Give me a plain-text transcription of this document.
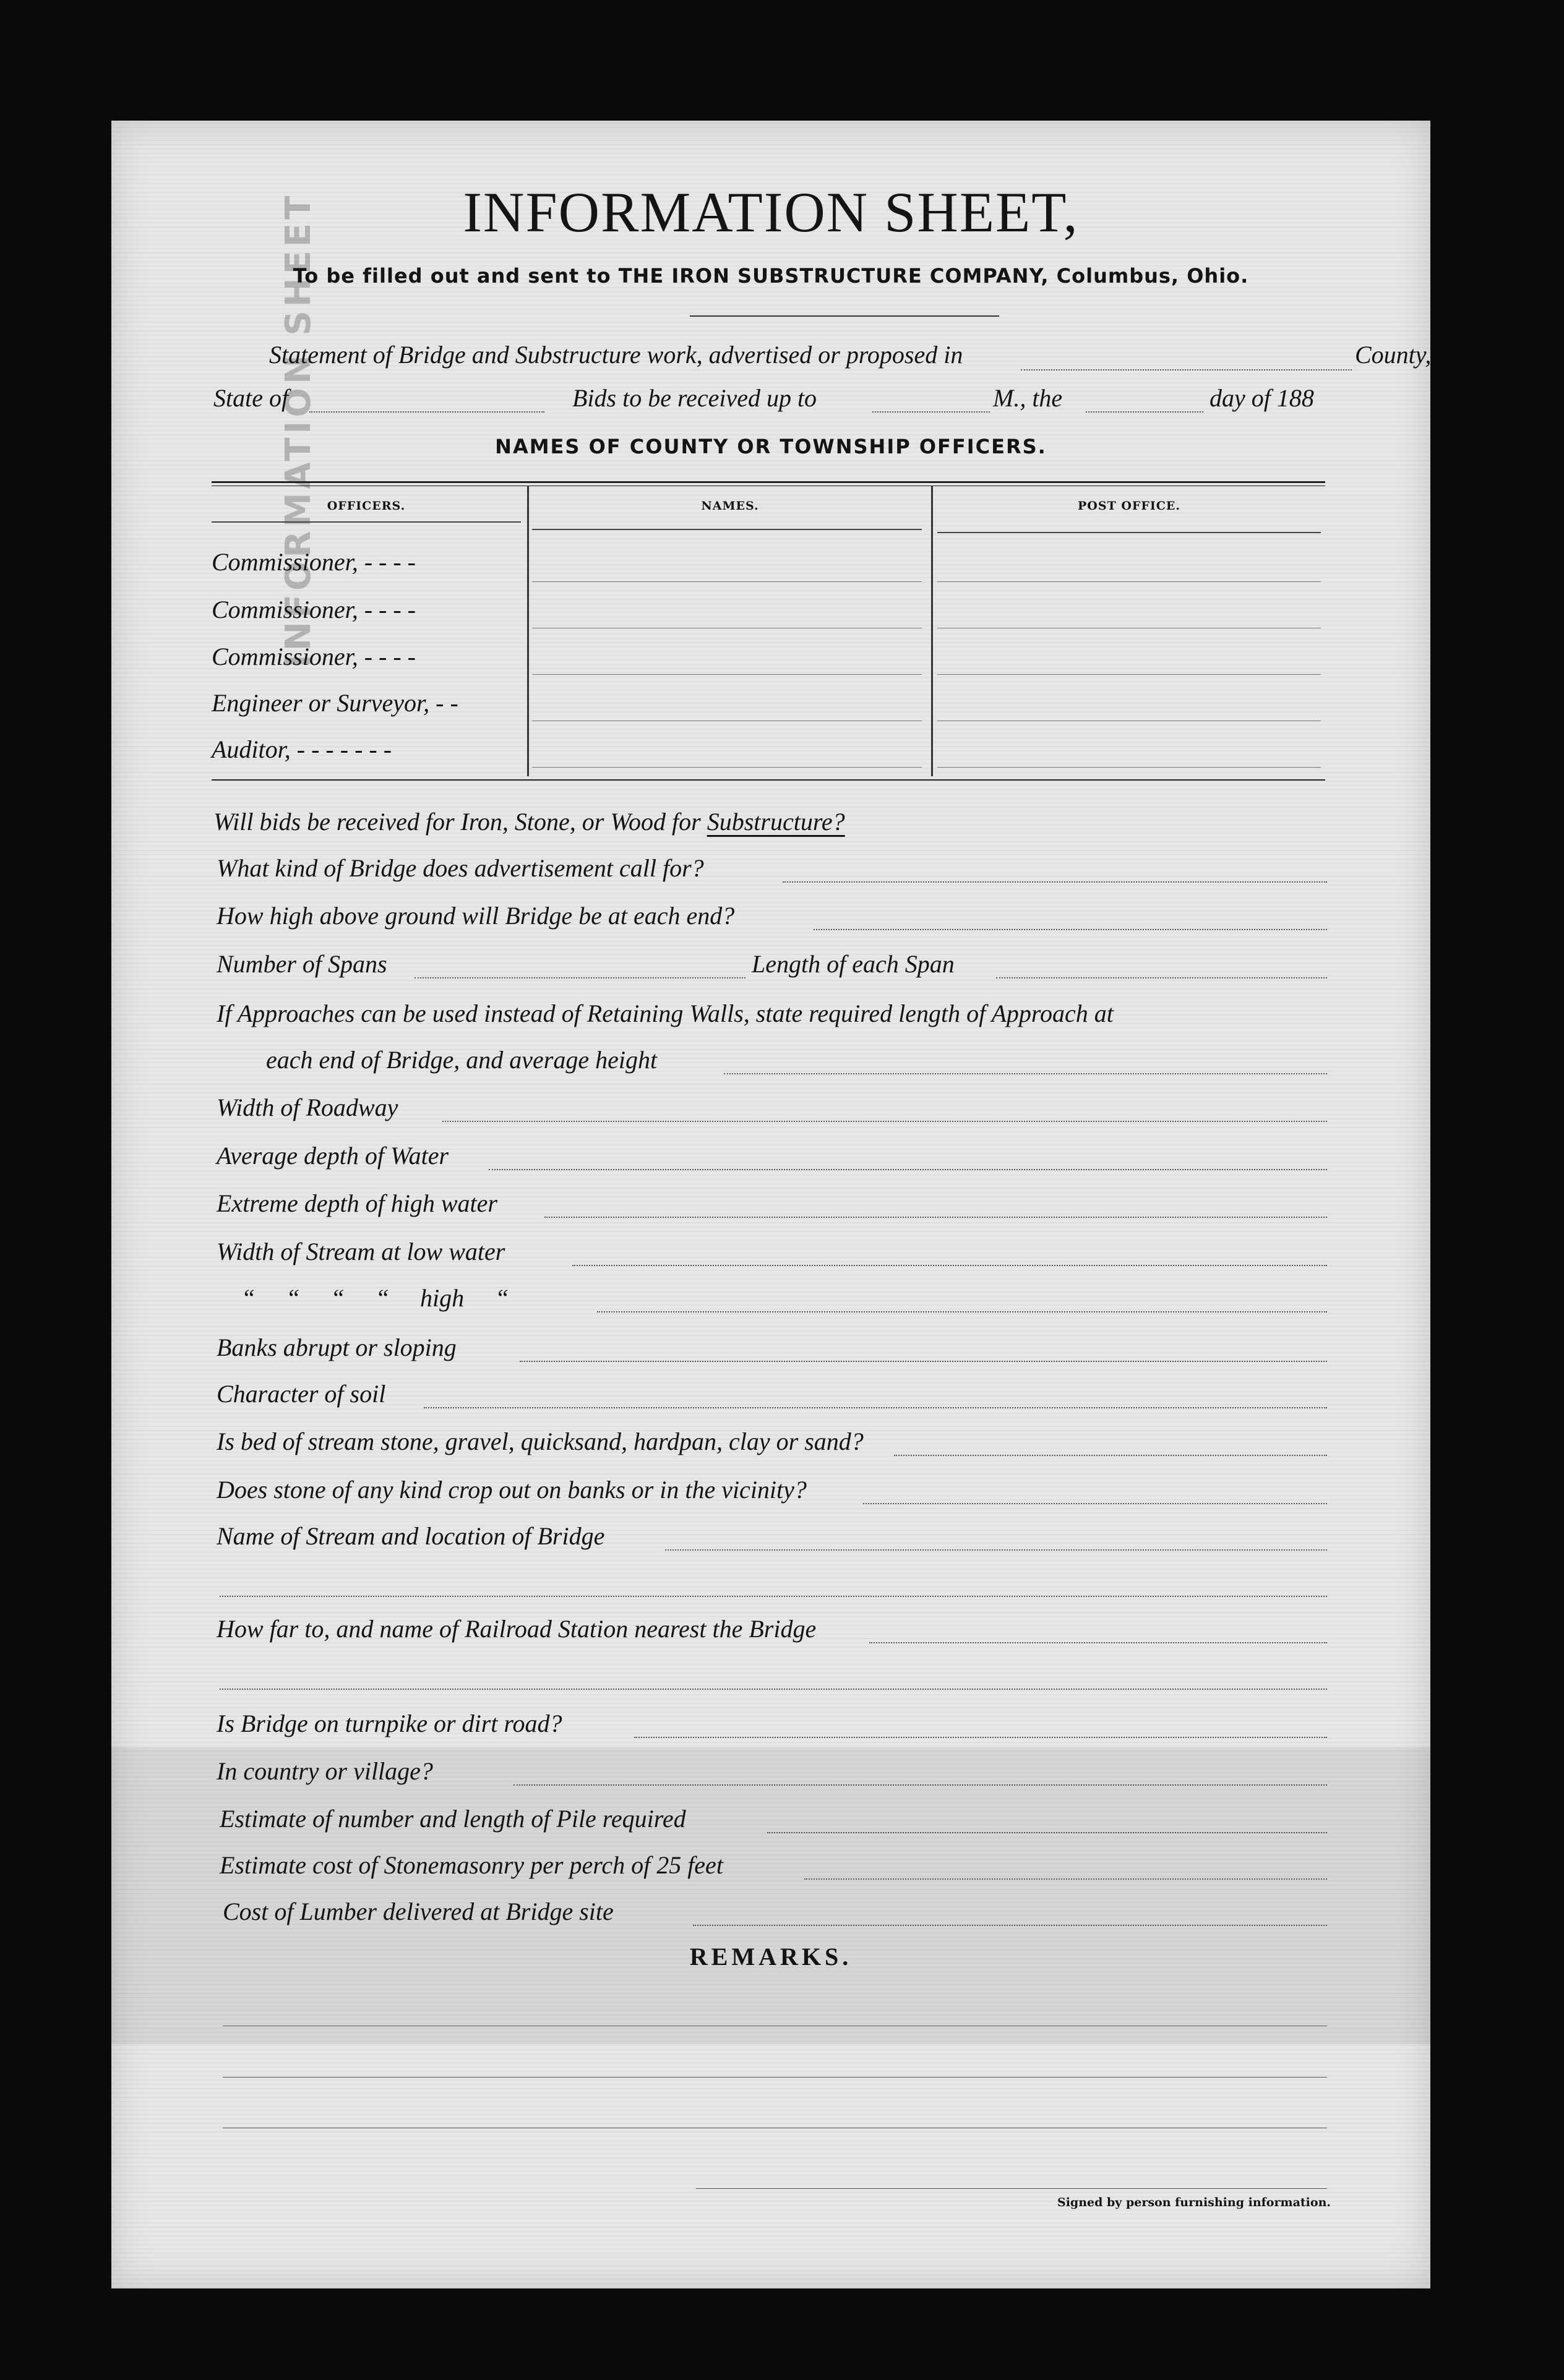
INFORMATION SHEET	INFORMATION SHEET,
To be filled out and sent to THE IRON SUBSTRUCTURE COMPANY, Columbus, Ohio.
Statement of Bridge and Substructure work, advertised or proposed in	County,
State of	Bids to be received up to	M., the	day of 188
NAMES OF COUNTY OR TOWNSHIP OFFICERS.
OFFICERS.	NAMES.	POST OFFICE.
Commissioner, - - - -
Commissioner, - - - -
Commissioner, - - - -
Engineer or Surveyor, - -
Auditor, - - - - - - -
Will bids be received for Iron, Stone, or Wood for Substructure?
What kind of Bridge does advertisement call for?
How high above ground will Bridge be at each end?
Number of Spans	Length of each Span
If Approaches can be used instead of Retaining Walls, state required length of Approach at
each end of Bridge, and average height
Width of Roadway
Average depth of Water
Extreme depth of high water
Width of Stream at low water
“ “ “ “ high “
Banks abrupt or sloping
Character of soil
Is bed of stream stone, gravel, quicksand, hardpan, clay or sand?
Does stone of any kind crop out on banks or in the vicinity?
Name of Stream and location of Bridge
How far to, and name of Railroad Station nearest the Bridge
Is Bridge on turnpike or dirt road?
In country or village?
Estimate of number and length of Pile required
Estimate cost of Stonemasonry per perch of 25 feet
Cost of Lumber delivered at Bridge site
REMARKS.
Signed by person furnishing information.
